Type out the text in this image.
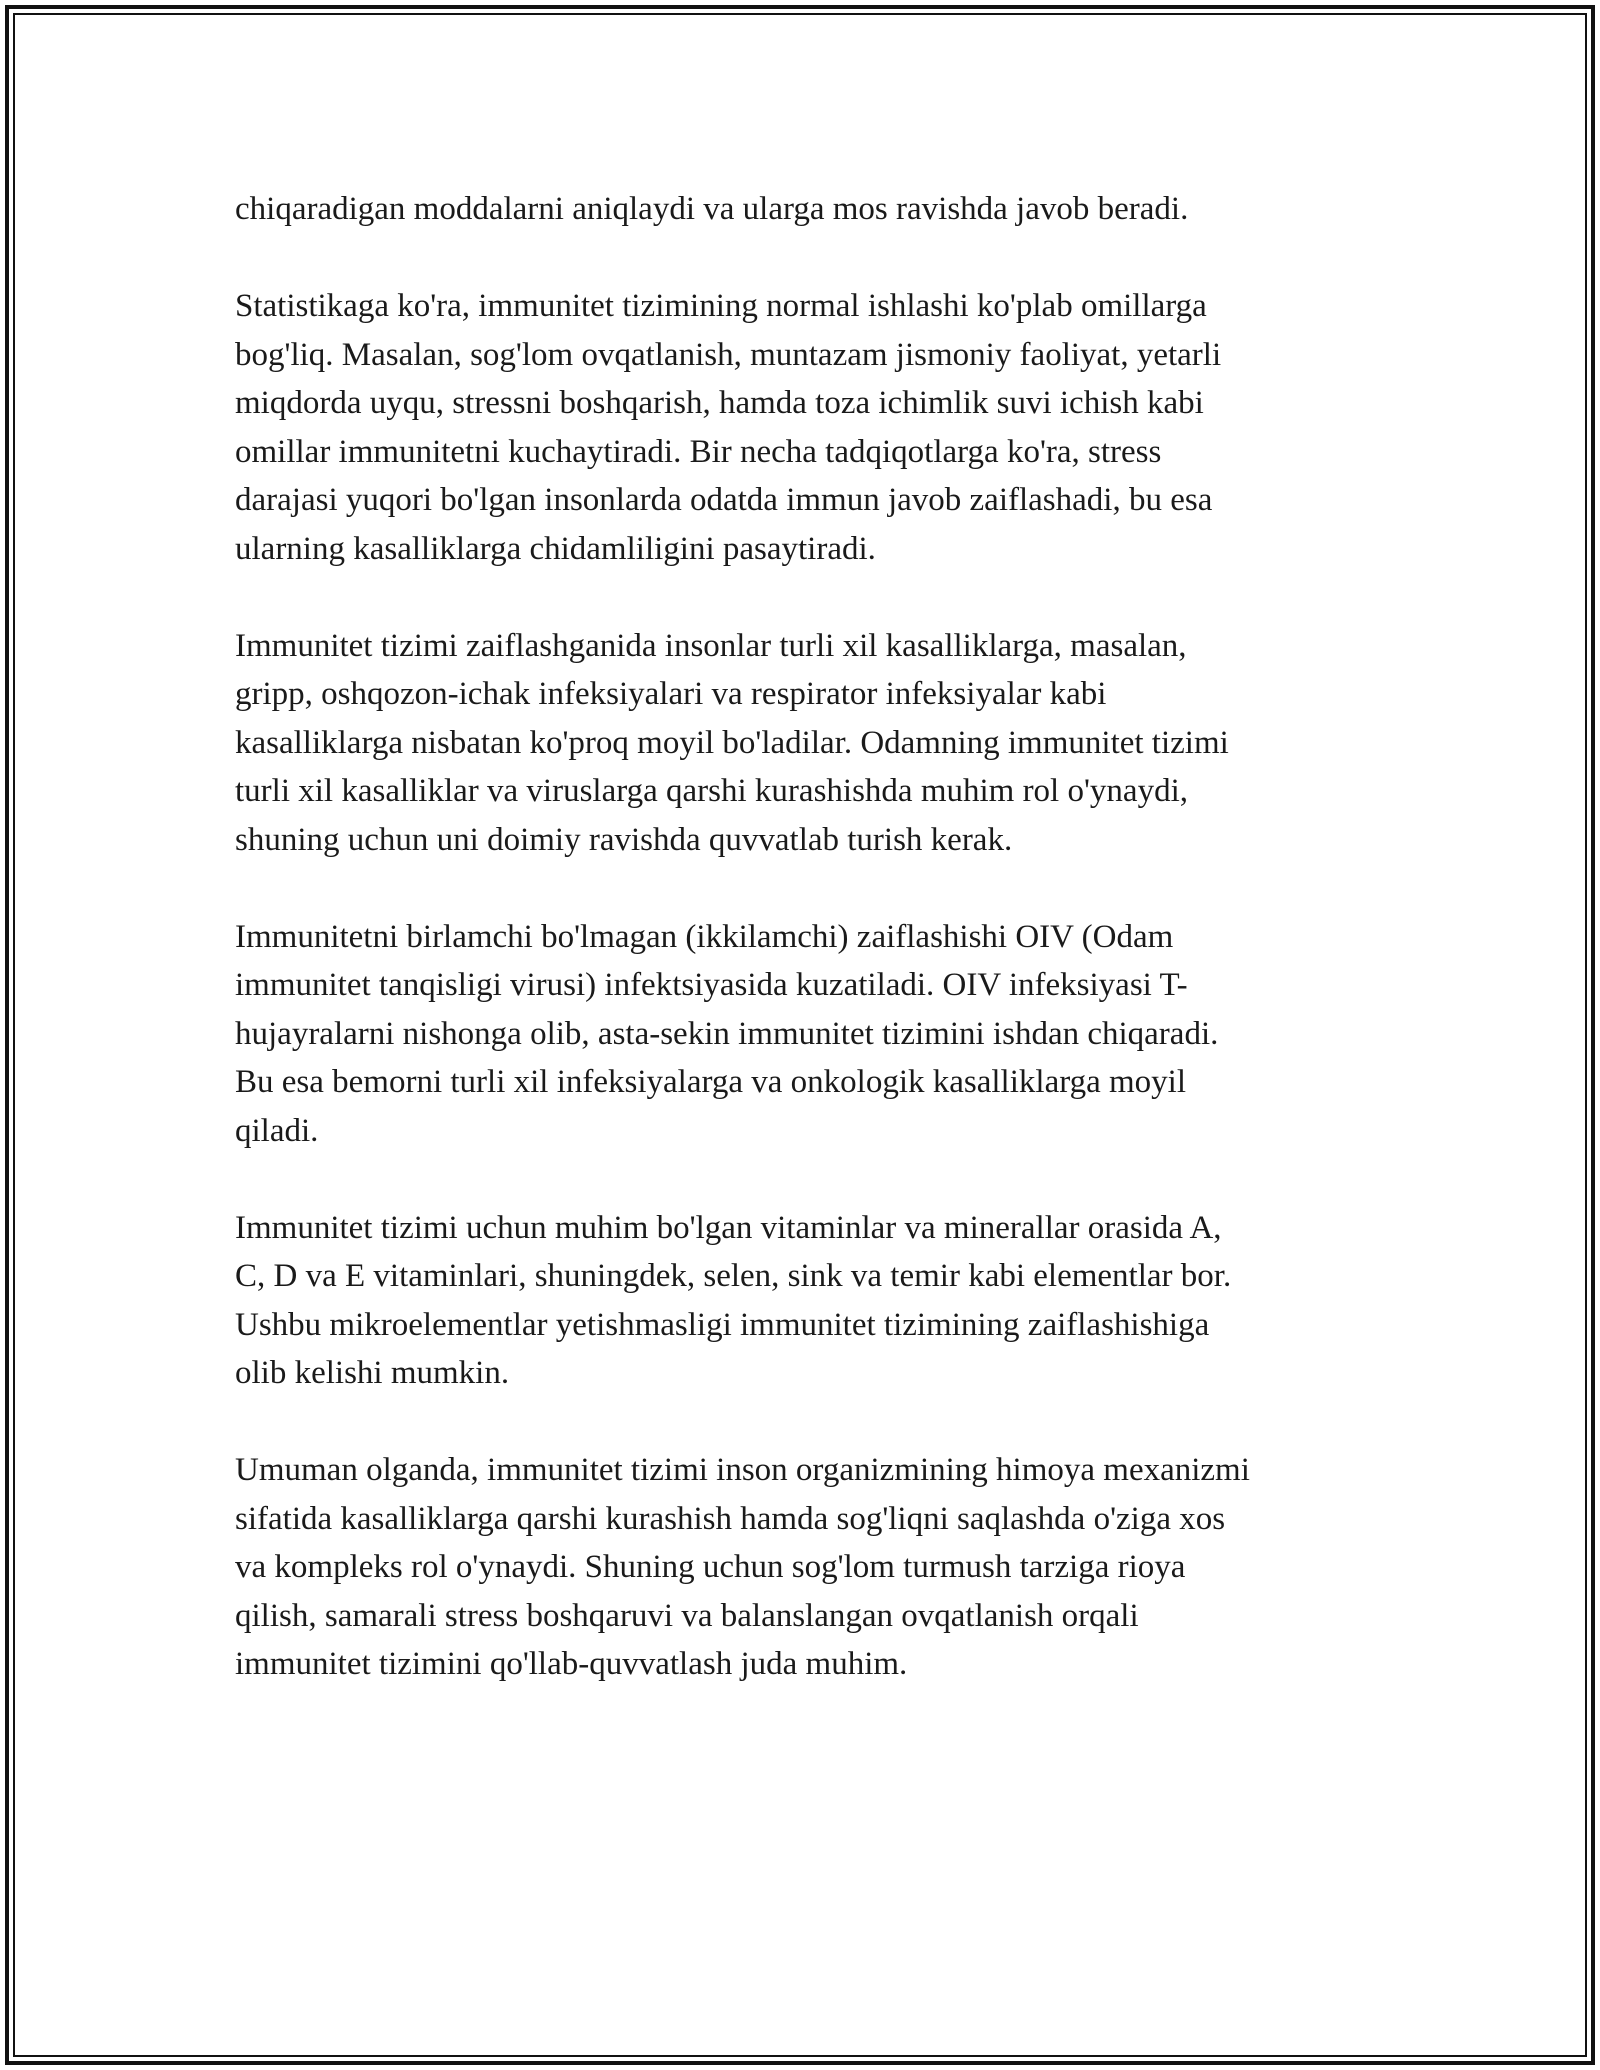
chiqaradigan moddalarni aniqlaydi va ularga mos ravishda javob beradi.

Statistikaga ko'ra, immunitet tizimining normal ishlashi ko'plab omillarga
bog'liq. Masalan, sog'lom ovqatlanish, muntazam jismoniy faoliyat, yetarli
miqdorda uyqu, stressni boshqarish, hamda toza ichimlik suvi ichish kabi
omillar immunitetni kuchaytiradi. Bir necha tadqiqotlarga ko'ra, stress
darajasi yuqori bo'lgan insonlarda odatda immun javob zaiflashadi, bu esa
ularning kasalliklarga chidamliligini pasaytiradi.

Immunitet tizimi zaiflashganida insonlar turli xil kasalliklarga, masalan,
gripp, oshqozon-ichak infeksiyalari va respirator infeksiyalar kabi
kasalliklarga nisbatan ko'proq moyil bo'ladilar. Odamning immunitet tizimi
turli xil kasalliklar va viruslarga qarshi kurashishda muhim rol o'ynaydi,
shuning uchun uni doimiy ravishda quvvatlab turish kerak.

Immunitetni birlamchi bo'lmagan (ikkilamchi) zaiflashishi OIV (Odam
immunitet tanqisligi virusi) infektsiyasida kuzatiladi. OIV infeksiyasi T-
hujayralarni nishonga olib, asta-sekin immunitet tizimini ishdan chiqaradi.
Bu esa bemorni turli xil infeksiyalarga va onkologik kasalliklarga moyil
qiladi.

Immunitet tizimi uchun muhim bo'lgan vitaminlar va minerallar orasida A,
C, D va E vitaminlari, shuningdek, selen, sink va temir kabi elementlar bor.
Ushbu mikroelementlar yetishmasligi immunitet tizimining zaiflashishiga
olib kelishi mumkin.

Umuman olganda, immunitet tizimi inson organizmining himoya mexanizmi
sifatida kasalliklarga qarshi kurashish hamda sog'liqni saqlashda o'ziga xos
va kompleks rol o'ynaydi. Shuning uchun sog'lom turmush tarziga rioya
qilish, samarali stress boshqaruvi va balanslangan ovqatlanish orqali
immunitet tizimini qo'llab-quvvatlash juda muhim.
